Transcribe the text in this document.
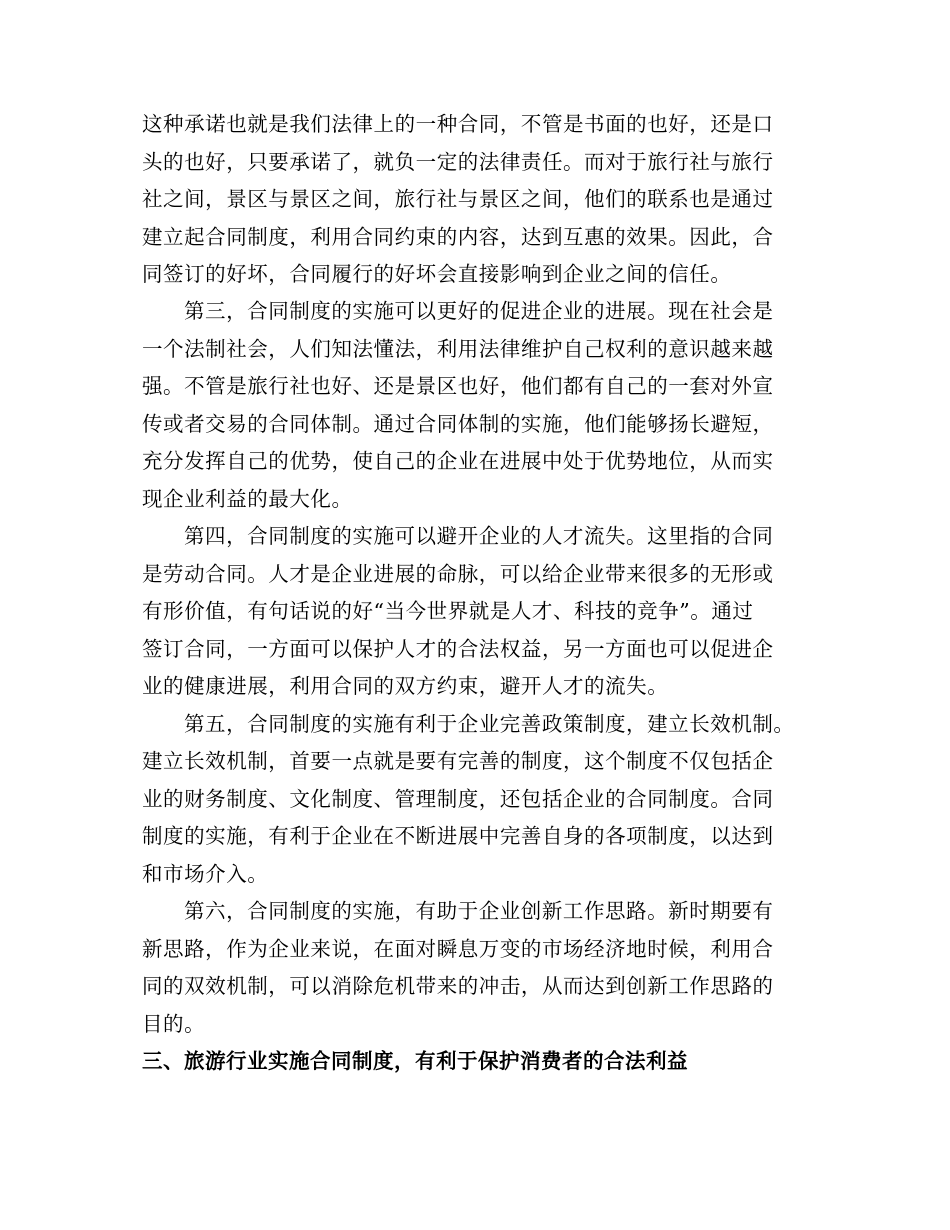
这种承诺也就是我们法律上的一种合同，不管是书面的也好，还是口
头的也好，只要承诺了，就负一定的法律责任。而对于旅行社与旅行
社之间，景区与景区之间，旅行社与景区之间，他们的联系也是通过
建立起合同制度，利用合同约束的内容，达到互惠的效果。因此，合
同签订的好坏，合同履行的好坏会直接影响到企业之间的信任。
第三，合同制度的实施可以更好的促进企业的进展。现在社会是
一个法制社会，人们知法懂法，利用法律维护自己权利的意识越来越
强。不管是旅行社也好、还是景区也好，他们都有自己的一套对外宣
传或者交易的合同体制。通过合同体制的实施，他们能够扬长避短，
充分发挥自己的优势，使自己的企业在进展中处于优势地位，从而实
现企业利益的最大化。
第四，合同制度的实施可以避开企业的人才流失。这里指的合同
是劳动合同。人才是企业进展的命脉，可以给企业带来很多的无形或
有形价值，有句话说的好“当今世界就是人才、科技的竞争”。通过
签订合同，一方面可以保护人才的合法权益，另一方面也可以促进企
业的健康进展，利用合同的双方约束，避开人才的流失。
第五，合同制度的实施有利于企业完善政策制度，建立长效机制。
建立长效机制，首要一点就是要有完善的制度，这个制度不仅包括企
业的财务制度、文化制度、管理制度，还包括企业的合同制度。合同
制度的实施，有利于企业在不断进展中完善自身的各项制度，以达到
和市场介入。
第六，合同制度的实施，有助于企业创新工作思路。新时期要有
新思路，作为企业来说，在面对瞬息万变的市场经济地时候，利用合
同的双效机制，可以消除危机带来的冲击，从而达到创新工作思路的
目的。
三、旅游行业实施合同制度，有利于保护消费者的合法利益
